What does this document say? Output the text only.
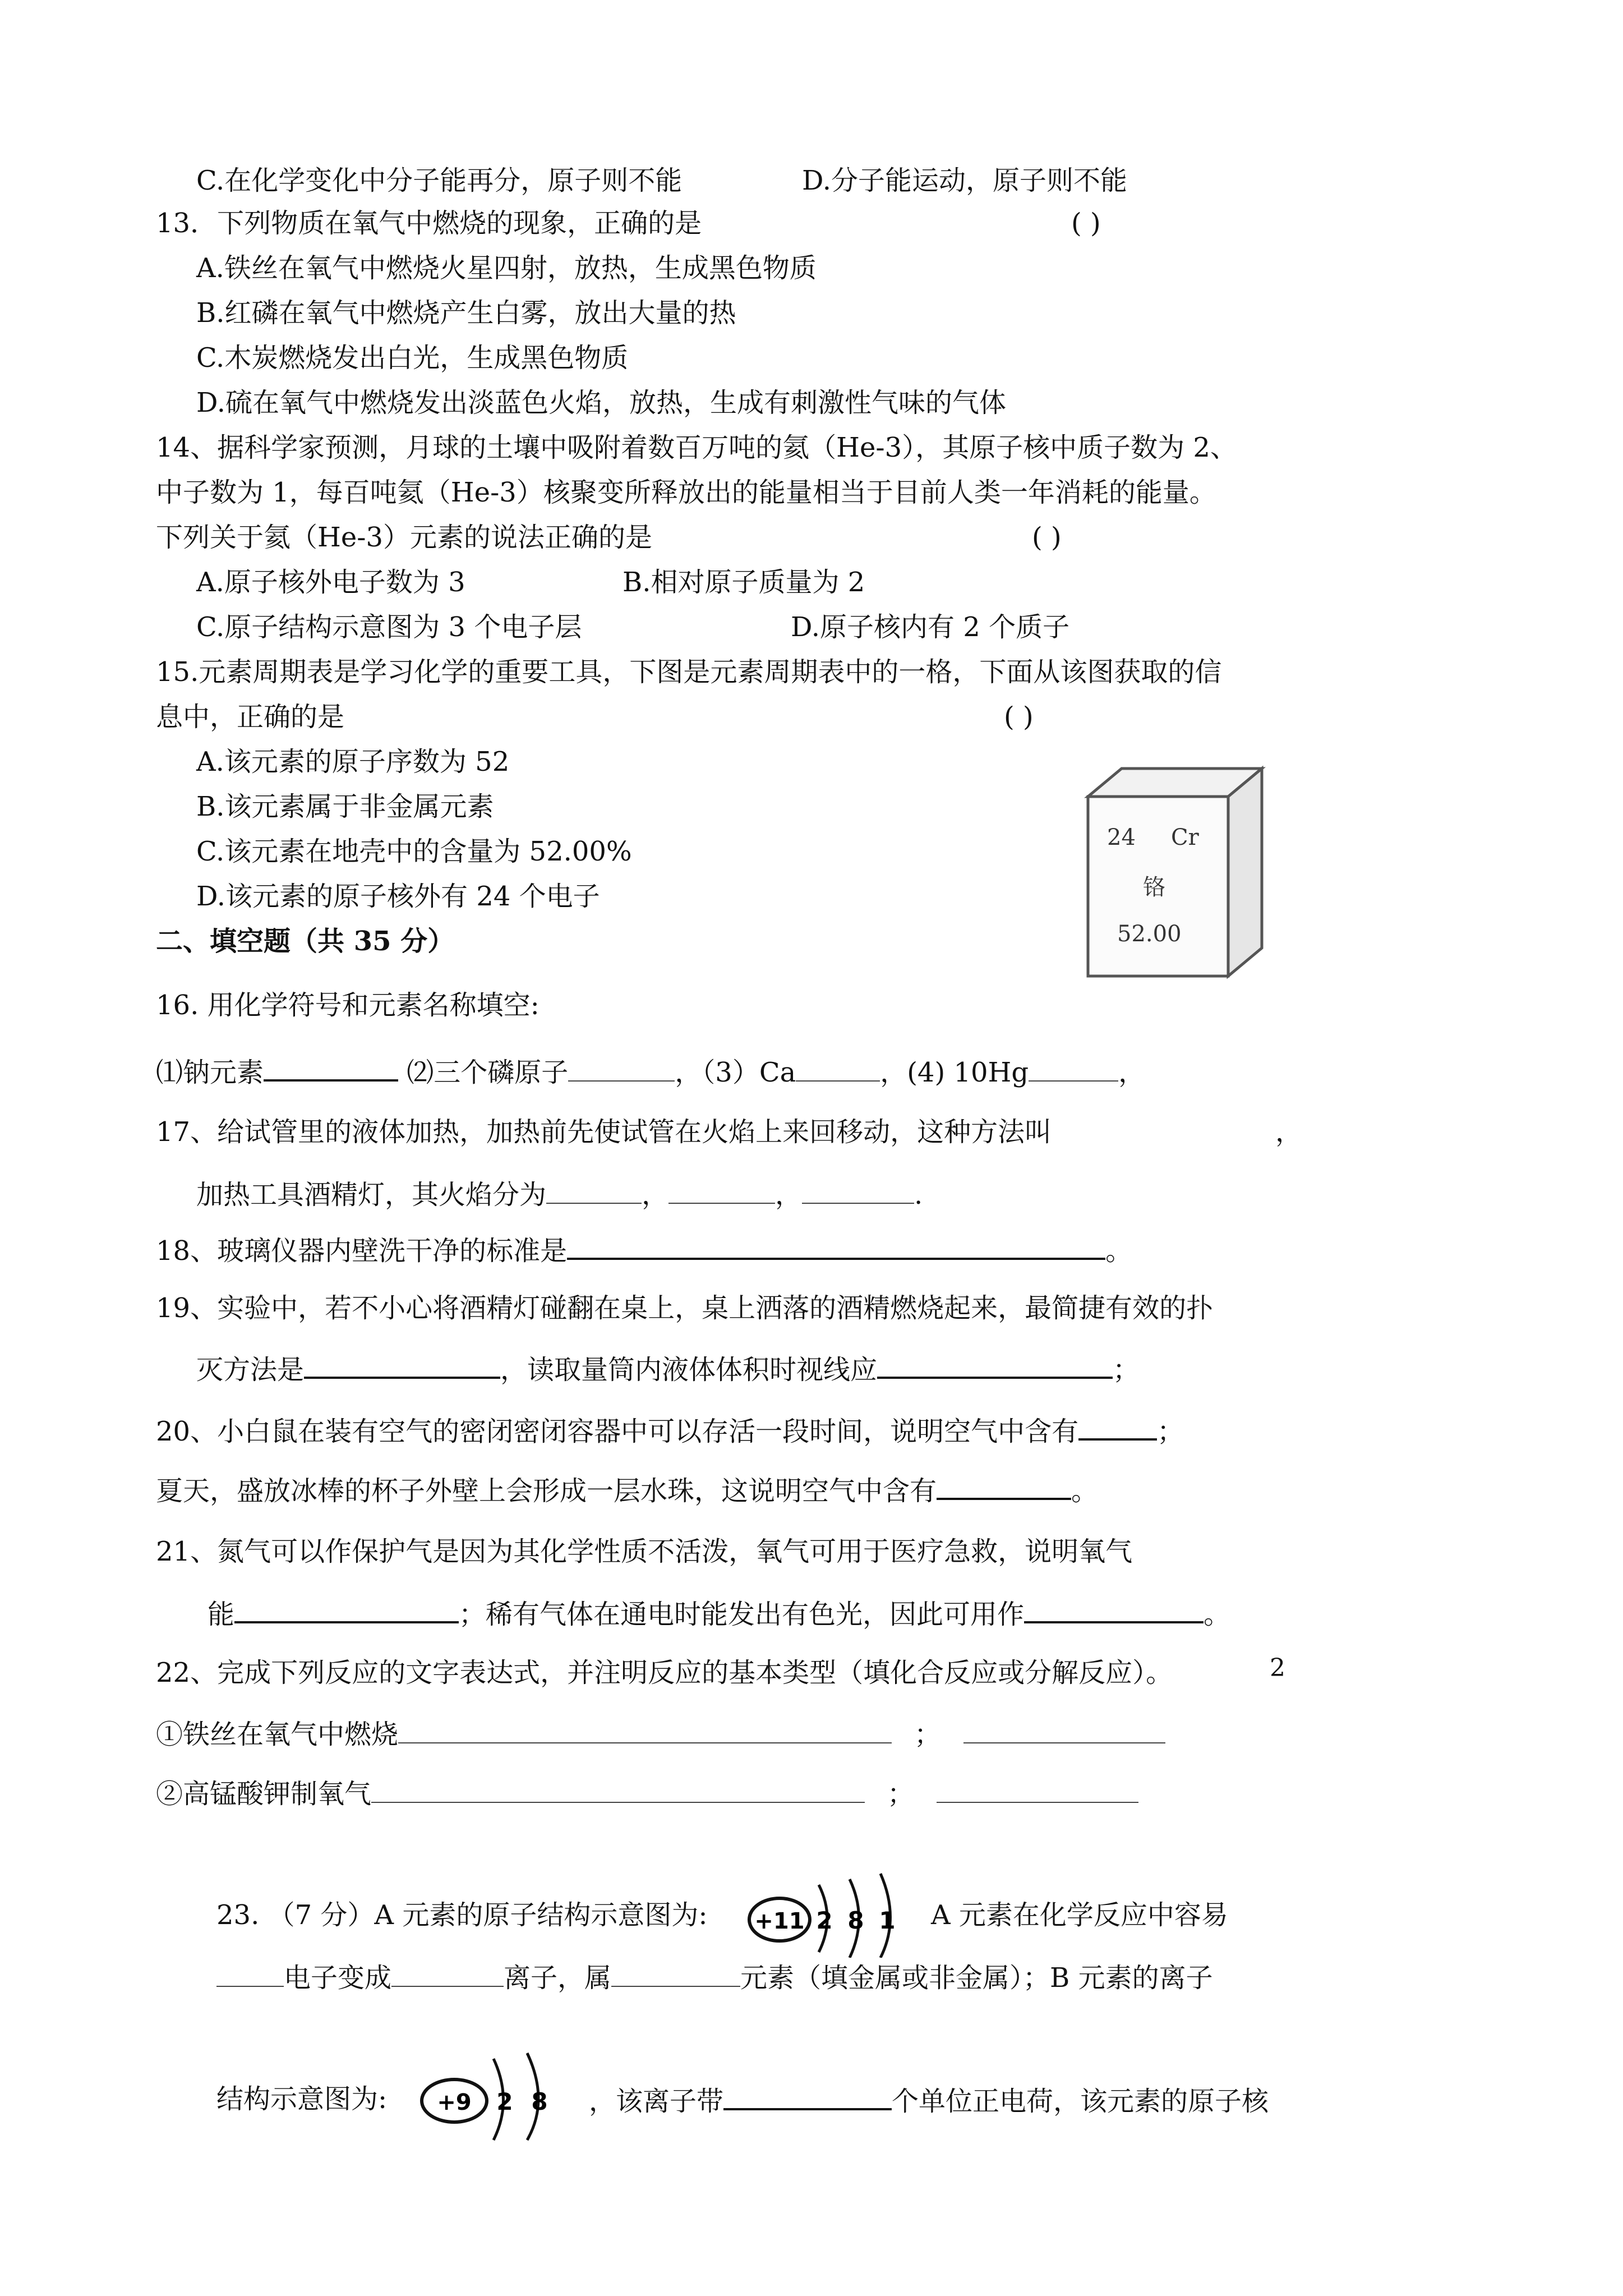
C.在化学变化中分子能再分，原子则不能	D.分子能运动，原子则不能
13．下列物质在氧气中燃烧的现象，正确的是	( )
A.铁丝在氧气中燃烧火星四射，放热，生成黑色物质
B.红磷在氧气中燃烧产生白雾，放出大量的热
C.木炭燃烧发出白光，生成黑色物质
D.硫在氧气中燃烧发出淡蓝色火焰，放热，生成有刺激性气味的气体
14、据科学家预测，月球的土壤中吸附着数百万吨的氦（He-3），其原子核中质子数为 2、
中子数为 1，每百吨氦（He-3）核聚变所释放出的能量相当于目前人类一年消耗的能量。
下列关于氦（He-3）元素的说法正确的是	( )
A.原子核外电子数为 3	B.相对原子质量为 2
C.原子结构示意图为 3 个电子层	D.原子核内有 2 个质子
15.元素周期表是学习化学的重要工具，下图是元素周期表中的一格，下面从该图获取的信
息中，正确的是	( )
A.该元素的原子序数为 52
B.该元素属于非金属元素
C.该元素在地壳中的含量为 52.00%
D.该元素的原子核外有 24 个电子
24 Cr
铬
52.00
二、填空题（共 35 分）
16. 用化学符号和元素名称填空:
⑴钠元素	⑵三个磷原子	，（3）Ca	，(4) 10Hg	，
17、给试管里的液体加热，加热前先使试管在火焰上来回移动，这种方法叫	，
加热工具酒精灯，其火焰分为	，	，	.
18、玻璃仪器内壁洗干净的标准是	。
19、实验中，若不小心将酒精灯碰翻在桌上，桌上洒落的酒精燃烧起来，最简捷有效的扑
灭方法是	，读取量筒内液体体积时视线应	；
20、小白鼠在装有空气的密闭密闭容器中可以存活一段时间，说明空气中含有	；
夏天，盛放冰棒的杯子外壁上会形成一层水珠，这说明空气中含有	。
21、氮气可以作保护气是因为其化学性质不活泼，氧气可用于医疗急救，说明氧气
能	；稀有气体在通电时能发出有色光，因此可用作	。
22、完成下列反应的文字表达式，并注明反应的基本类型（填化合反应或分解反应）。
①铁丝在氧气中燃烧	；
②高锰酸钾制氧气	；
23. （7 分）A 元素的原子结构示意图为: +11 2 8 1 A 元素在化学反应中容易
电子变成	离子，属	元素（填金属或非金属）；B 元素的离子
结构示意图为: +9 2 8 ，该离子带	个单位正电荷，该元素的原子核
2
